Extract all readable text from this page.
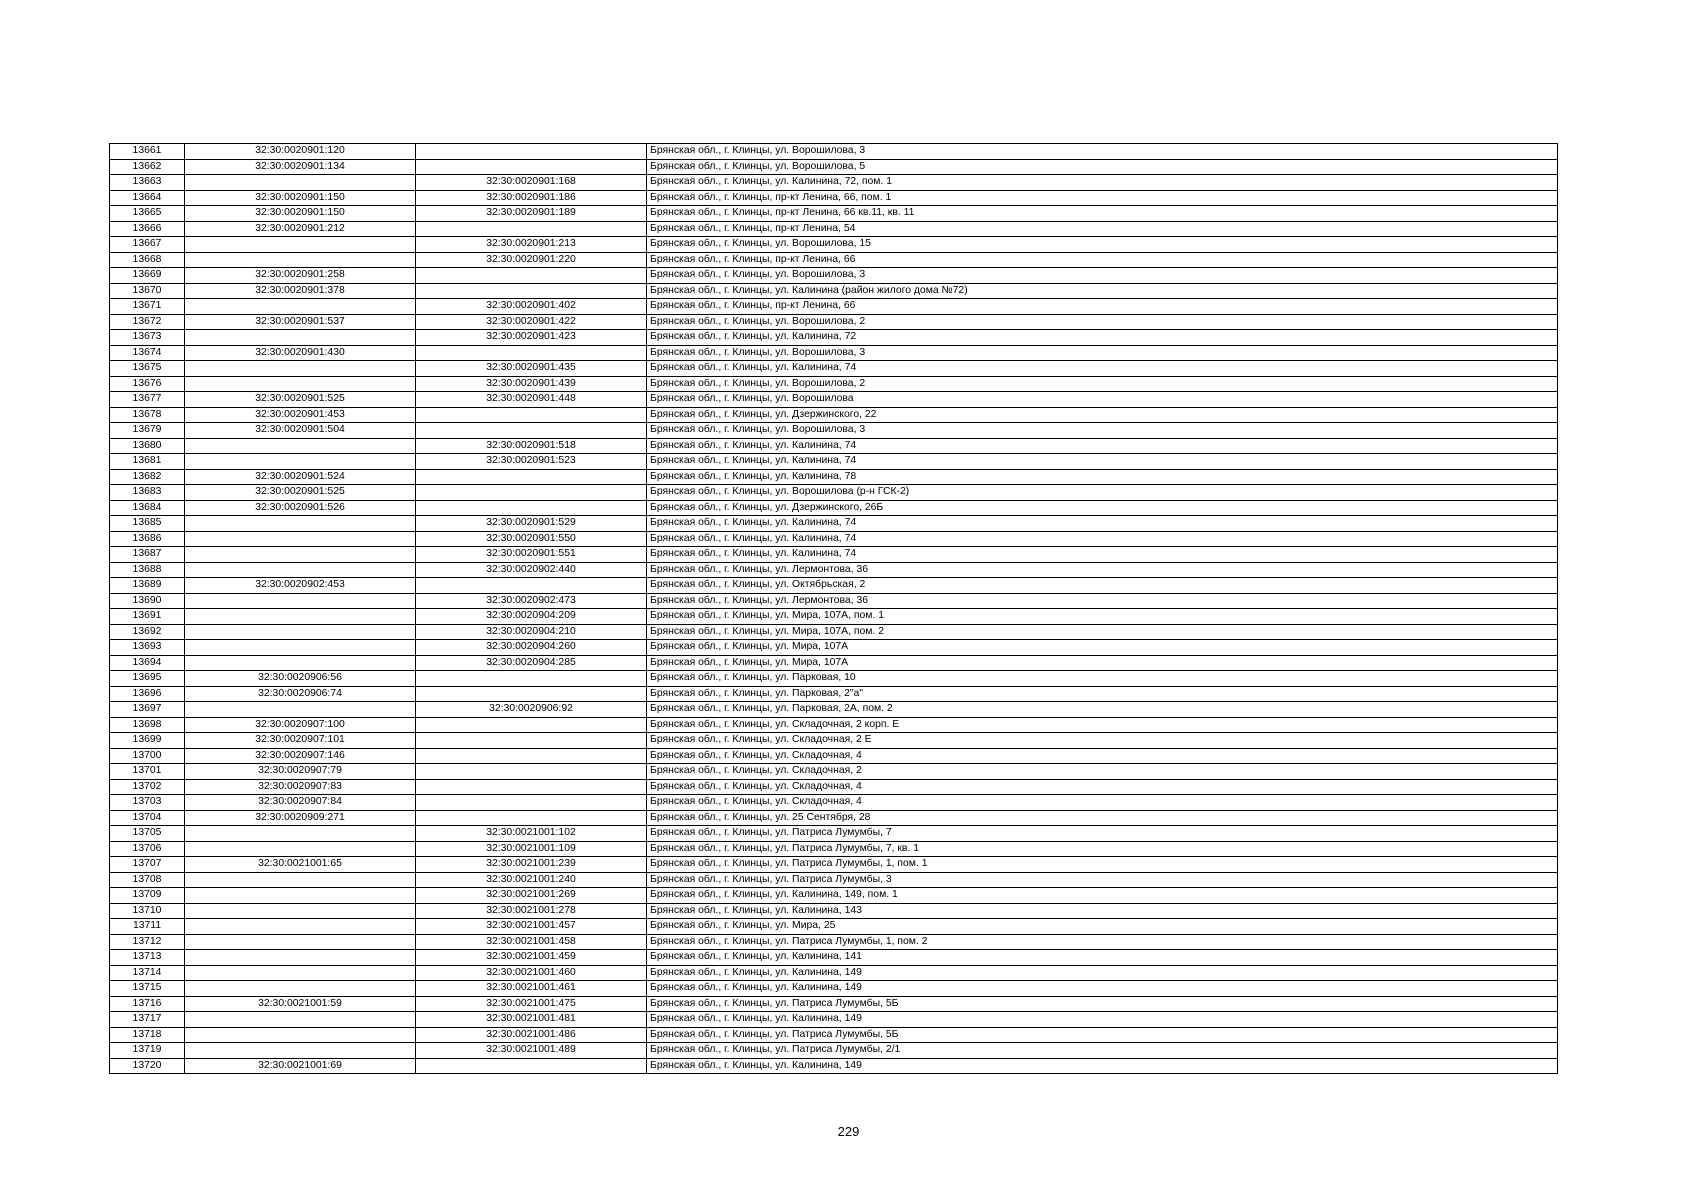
13661	32:30:0020901:120		Брянская обл., г. Клинцы, ул. Ворошилова, 3
13662	32:30:0020901:134		Брянская обл., г. Клинцы, ул. Ворошилова, 5
13663		32:30:0020901:168	Брянская обл., г. Клинцы, ул. Калинина, 72, пом. 1
13664	32:30:0020901:150	32:30:0020901:186	Брянская обл., г. Клинцы, пр-кт Ленина, 66, пом. 1
13665	32:30:0020901:150	32:30:0020901:189	Брянская обл., г. Клинцы, пр-кт Ленина, 66 кв.11, кв. 11
13666	32:30:0020901:212		Брянская обл., г. Клинцы, пр-кт Ленина, 54
13667		32:30:0020901:213	Брянская обл., г. Клинцы, ул. Ворошилова, 15
13668		32:30:0020901:220	Брянская обл., г. Клинцы, пр-кт Ленина, 66
13669	32:30:0020901:258		Брянская обл., г. Клинцы, ул. Ворошилова, 3
13670	32:30:0020901:378		Брянская обл., г. Клинцы, ул. Калинина (район жилого дома №72)
13671		32:30:0020901:402	Брянская обл., г. Клинцы, пр-кт Ленина, 66
13672	32:30:0020901:537	32:30:0020901:422	Брянская обл., г. Клинцы, ул. Ворошилова, 2
13673		32:30:0020901:423	Брянская обл., г. Клинцы, ул. Калинина, 72
13674	32:30:0020901:430		Брянская обл., г. Клинцы, ул. Ворошилова, 3
13675		32:30:0020901:435	Брянская обл., г. Клинцы, ул. Калинина, 74
13676		32:30:0020901:439	Брянская обл., г. Клинцы, ул. Ворошилова, 2
13677	32:30:0020901:525	32:30:0020901:448	Брянская обл., г. Клинцы, ул. Ворошилова
13678	32:30:0020901:453		Брянская обл., г. Клинцы, ул. Дзержинского, 22
13679	32:30:0020901:504		Брянская обл., г. Клинцы, ул. Ворошилова, 3
13680		32:30:0020901:518	Брянская обл., г. Клинцы, ул. Калинина, 74
13681		32:30:0020901:523	Брянская обл., г. Клинцы, ул. Калинина, 74
13682	32:30:0020901:524		Брянская обл., г. Клинцы, ул. Калинина, 78
13683	32:30:0020901:525		Брянская обл., г. Клинцы, ул. Ворошилова (р-н ГСК-2)
13684	32:30:0020901:526		Брянская обл., г. Клинцы, ул. Дзержинского, 26Б
13685		32:30:0020901:529	Брянская обл., г. Клинцы, ул. Калинина, 74
13686		32:30:0020901:550	Брянская обл., г. Клинцы, ул. Калинина, 74
13687		32:30:0020901:551	Брянская обл., г. Клинцы, ул. Калинина, 74
13688		32:30:0020902:440	Брянская обл., г. Клинцы, ул. Лермонтова, 36
13689	32:30:0020902:453		Брянская обл., г. Клинцы, ул. Октябрьская, 2
13690		32:30:0020902:473	Брянская обл., г. Клинцы, ул. Лермонтова, 36
13691		32:30:0020904:209	Брянская обл., г. Клинцы, ул. Мира, 107А, пом. 1
13692		32:30:0020904:210	Брянская обл., г. Клинцы, ул. Мира, 107А, пом. 2
13693		32:30:0020904:260	Брянская обл., г. Клинцы, ул. Мира, 107А
13694		32:30:0020904:285	Брянская обл., г. Клинцы, ул. Мира, 107А
13695	32:30:0020906:56		Брянская обл., г. Клинцы, ул. Парковая, 10
13696	32:30:0020906:74		Брянская обл., г. Клинцы, ул. Парковая, 2"а"
13697		32:30:0020906:92	Брянская обл., г. Клинцы, ул. Парковая, 2А, пом. 2
13698	32:30:0020907:100		Брянская обл., г. Клинцы, ул. Складочная, 2 корп. Е
13699	32:30:0020907:101		Брянская обл., г. Клинцы, ул. Складочная, 2 Е
13700	32:30:0020907:146		Брянская обл., г. Клинцы, ул. Складочная, 4
13701	32:30:0020907:79		Брянская обл., г. Клинцы, ул. Складочная, 2
13702	32:30:0020907:83		Брянская обл., г. Клинцы, ул. Складочная, 4
13703	32:30:0020907:84		Брянская обл., г. Клинцы, ул. Складочная, 4
13704	32:30:0020909:271		Брянская обл., г. Клинцы, ул. 25 Сентября, 28
13705		32:30:0021001:102	Брянская обл., г. Клинцы, ул. Патриса Лумумбы, 7
13706		32:30:0021001:109	Брянская обл., г. Клинцы, ул. Патриса Лумумбы, 7, кв. 1
13707	32:30:0021001:65	32:30:0021001:239	Брянская обл., г. Клинцы, ул. Патриса Лумумбы, 1, пом. 1
13708		32:30:0021001:240	Брянская обл., г. Клинцы, ул. Патриса Лумумбы, 3
13709		32:30:0021001:269	Брянская обл., г. Клинцы, ул. Калинина, 149, пом. 1
13710		32:30:0021001:278	Брянская обл., г. Клинцы, ул. Калинина, 143
13711		32:30:0021001:457	Брянская обл., г. Клинцы, ул. Мира, 25
13712		32:30:0021001:458	Брянская обл., г. Клинцы, ул. Патриса Лумумбы, 1, пом. 2
13713		32:30:0021001:459	Брянская обл., г. Клинцы, ул. Калинина, 141
13714		32:30:0021001:460	Брянская обл., г. Клинцы, ул. Калинина, 149
13715		32:30:0021001:461	Брянская обл., г. Клинцы, ул. Калинина, 149
13716	32:30:0021001:59	32:30:0021001:475	Брянская обл., г. Клинцы, ул. Патриса Лумумбы, 5Б
13717		32:30:0021001:481	Брянская обл., г. Клинцы, ул. Калинина, 149
13718		32:30:0021001:486	Брянская обл., г. Клинцы, ул. Патриса Лумумбы, 5Б
13719		32:30:0021001:489	Брянская обл., г. Клинцы, ул. Патриса Лумумбы, 2/1
13720	32:30:0021001:69		Брянская обл., г. Клинцы, ул. Калинина, 149
229
